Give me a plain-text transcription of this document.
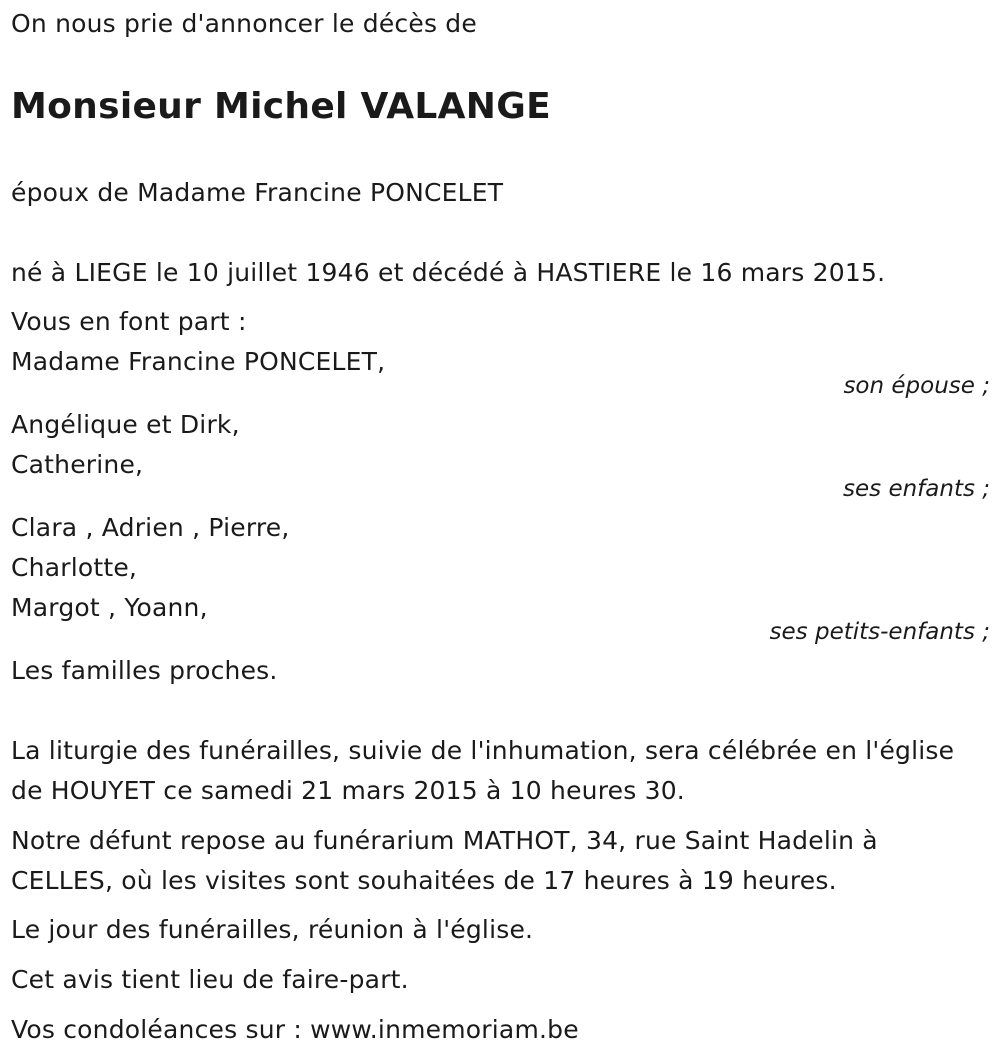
On nous prie d'annoncer le décès de
Monsieur Michel VALANGE
époux de Madame Francine PONCELET
né à LIEGE le 10 juillet 1946 et décédé à HASTIERE le 16 mars 2015.
Vous en font part :
Madame Francine PONCELET,
son épouse ;
Angélique et Dirk,
Catherine,
ses enfants ;
Clara , Adrien , Pierre,
Charlotte,
Margot , Yoann,
ses petits-enfants ;
Les familles proches.
La liturgie des funérailles, suivie de l'inhumation, sera célébrée en l'église
de HOUYET ce samedi 21 mars 2015 à 10 heures 30.
Notre défunt repose au funérarium MATHOT, 34, rue Saint Hadelin à
CELLES, où les visites sont souhaitées de 17 heures à 19 heures.
Le jour des funérailles, réunion à l'église.
Cet avis tient lieu de faire-part.
Vos condoléances sur : www.inmemoriam.be
